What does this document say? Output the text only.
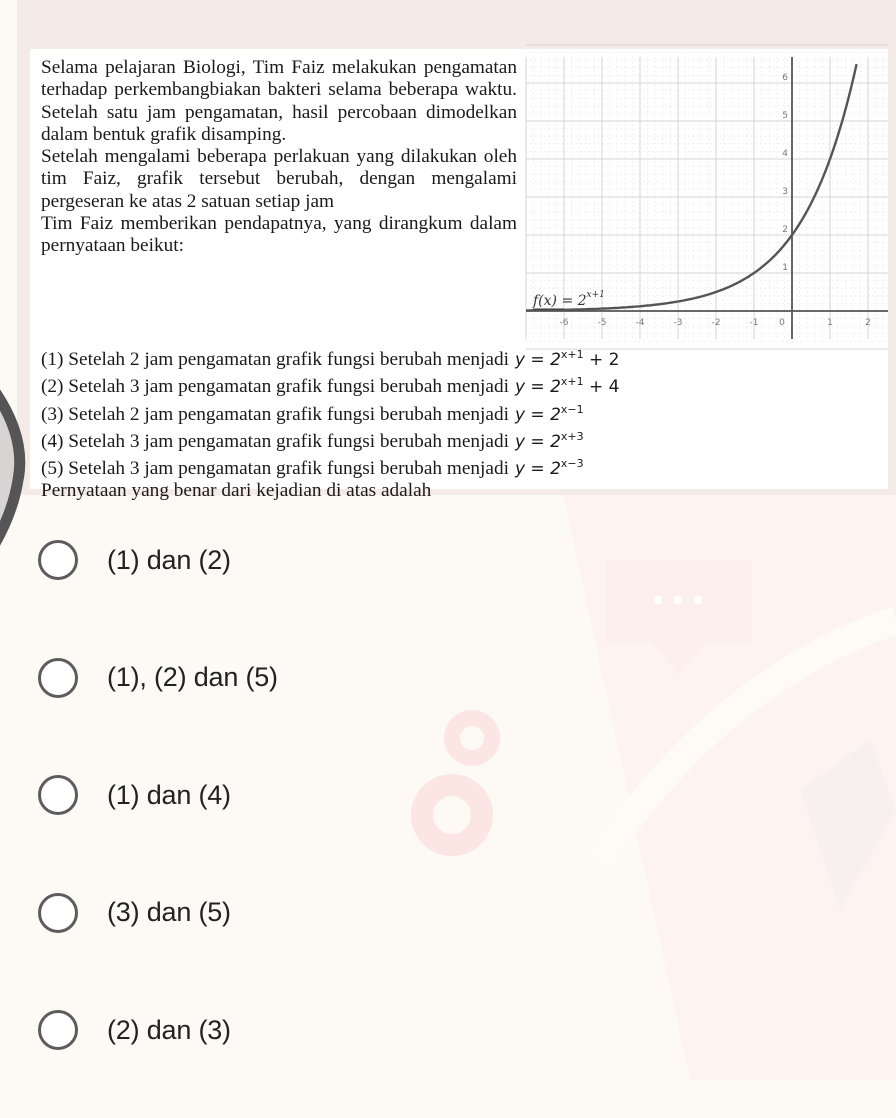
Selama pelajaran Biologi, Tim Faiz melakukan pengamatan terhadap perkembangbiakan bakteri selama beberapa waktu. Setelah satu jam pengamatan, hasil percobaan dimodelkan dalam bentuk grafik disamping.

Setelah mengalami beberapa perlakuan yang dilakukan oleh tim Faiz, grafik tersebut berubah, dengan mengalami pergeseran ke atas 2 satuan setiap jam

Tim Faiz memberikan pendapatnya, yang dirangkum dalam pernyataan beikut:

-6	-5	-4	-3	-2	-1 0	1	2
1
2
3
4
5
6
$f(x) = 2^{x+1}$
(1) Setelah 2 jam pengamatan grafik fungsi berubah menjadi $y = 2^{x+1} + 2$
(2) Setelah 3 jam pengamatan grafik fungsi berubah menjadi $y = 2^{x+1} + 4$
(3) Setelah 2 jam pengamatan grafik fungsi berubah menjadi $y = 2^{x-1}$
(4) Setelah 3 jam pengamatan grafik fungsi berubah menjadi $y = 2^{x+3}$
(5) Setelah 3 jam pengamatan grafik fungsi berubah menjadi $y = 2^{x-3}$
(1) dan (2)
(1), (2) dan (5)
(1) dan (4)
(3) dan (5)
(2) dan (3)
